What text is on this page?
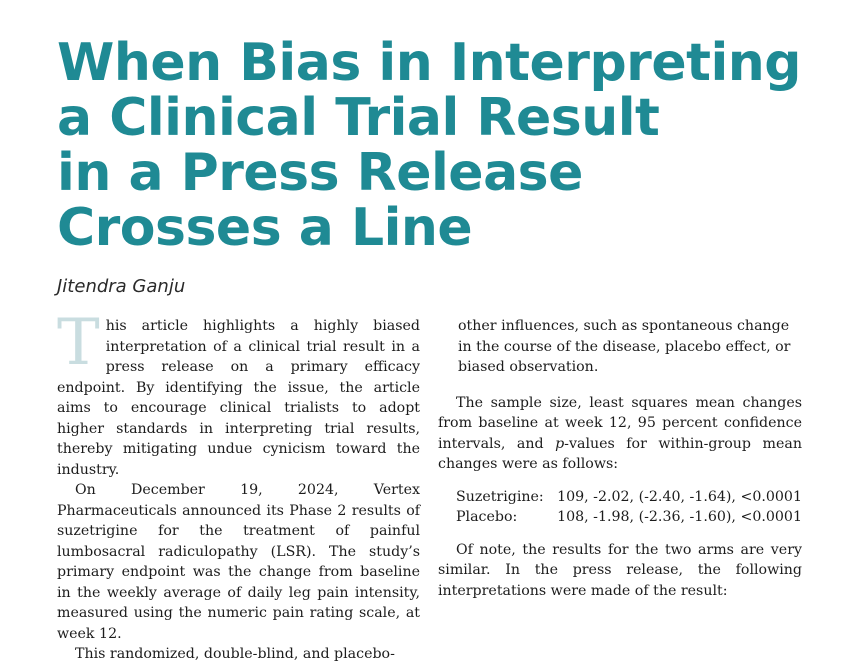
When Bias in Interpreting
a Clinical Trial Result
in a Press Release
Crosses a Line

Jitendra Ganju

This article highlights a highly biased interpretation of a clinical trial result in a press release on a primary efficacy endpoint. By identifying the issue, the article aims to encourage clinical trialists to adopt higher standards in interpreting trial results, thereby mitigating undue cynicism toward the industry.

On December 19, 2024, Vertex Pharmaceuticals announced its Phase 2 results of suzetrigine for the treatment of painful lumbosacral radiculopathy (LSR). The study’s primary endpoint was the change from baseline in the weekly average of daily leg pain intensity, measured using the numeric pain rating scale, at week 12.

This randomized, double-blind, and placebo-

other influences, such as spontaneous change in the course of the disease, placebo effect, or biased observation.

The sample size, least squares mean changes from baseline at week 12, 95 percent confidence intervals, and p-values for within-group mean changes were as follows:

Suzetrigine:	109, -2.02, (-2.40, -1.64), <0.0001
Placebo:	108, -1.98, (-2.36, -1.60), <0.0001

Of note, the results for the two arms are very similar. In the press release, the following interpretations were made of the result:
